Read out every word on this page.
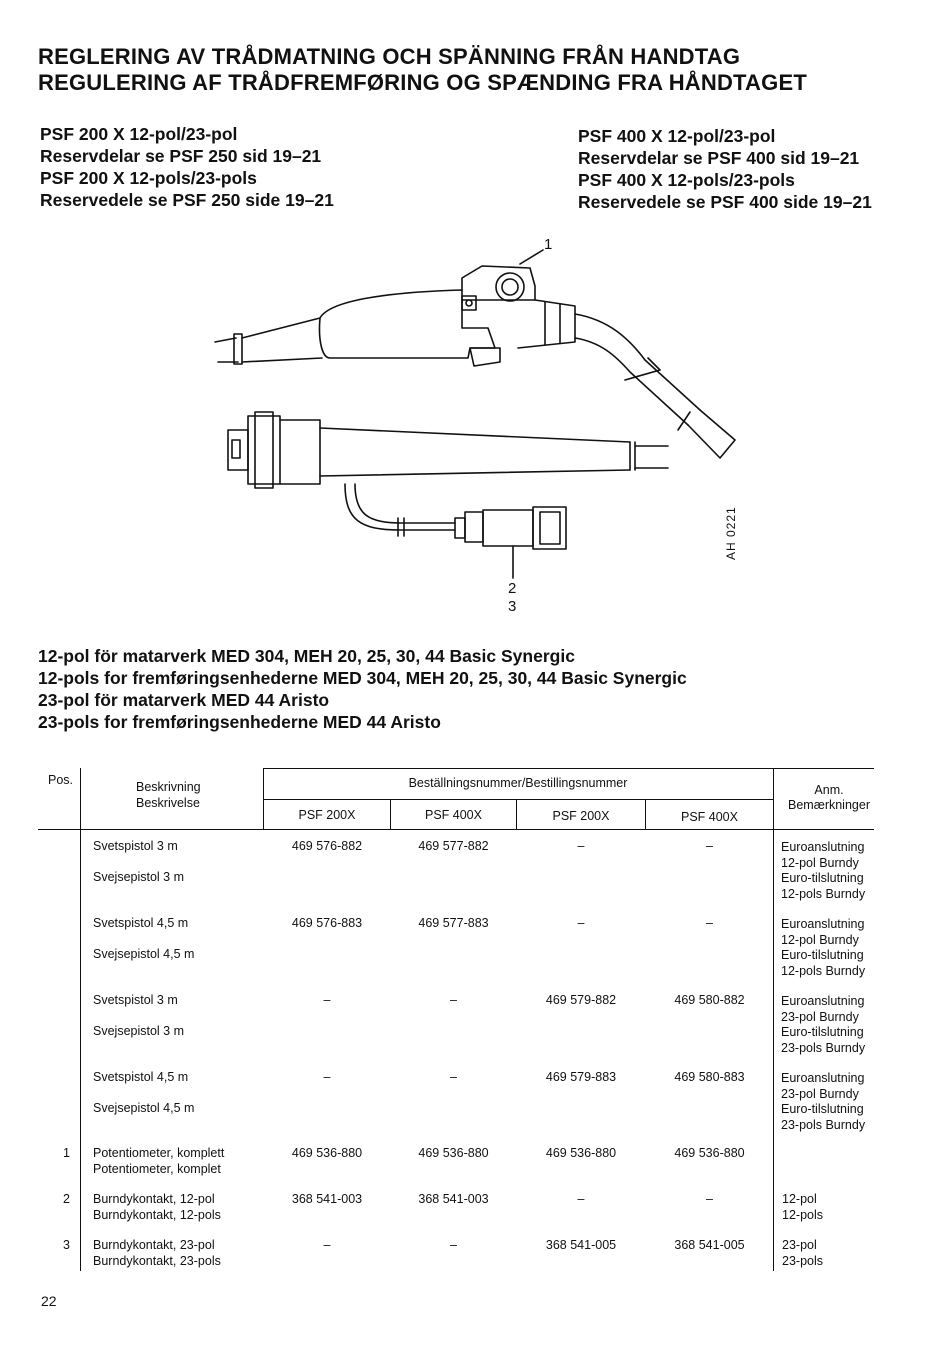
REGLERING AV TRÅDMATNING OCH SPÄNNING FRÅN HANDTAG
REGULERING AF TRÅDFREMFØRING OG SPÆNDING FRA HÅNDTAGET
PSF 200 X 12-pol/23-pol
Reservdelar se PSF 250 sid 19–21
PSF 200 X 12-pols/23-pols
Reservedele se PSF 250 side 19–21
PSF 400 X 12-pol/23-pol
Reservdelar se PSF 400 sid 19–21
PSF 400 X 12-pols/23-pols
Reservedele se PSF 400 side 19–21
1
2
3
AH 0221
12-pol för matarverk MED 304, MEH 20, 25, 30, 44 Basic Synergic
12-pols for fremføringsenhederne MED 304, MEH 20, 25, 30, 44 Basic Synergic
23-pol för matarverk MED 44 Aristo
23-pols for fremføringsenhederne MED 44 Aristo
Pos.	Beskrivning
Beskrivelse
Beställningsnummer/Bestillingsnummer
PSF 200X	PSF 400X	PSF 200X	PSF 400X
Anm.
Bemærkninger
Svetspistol 3 m
Svejsepistol 3 m
469 576-882	469 577-882	–	–	Euroanslutning
12-pol Burndy
Euro-tilslutning
12-pols Burndy
Svetspistol 4,5 m
Svejsepistol 4,5 m
469 576-883	469 577-883	–	–	Euroanslutning
12-pol Burndy
Euro-tilslutning
12-pols Burndy
Svetspistol 3 m
Svejsepistol 3 m
–	–	469 579-882	469 580-882	Euroanslutning
23-pol Burndy
Euro-tilslutning
23-pols Burndy
Svetspistol 4,5 m
Svejsepistol 4,5 m
–	–	469 579-883	469 580-883	Euroanslutning
23-pol Burndy
Euro-tilslutning
23-pols Burndy
1 Potentiometer, komplett
Potentiometer, komplet
469 536-880	469 536-880	469 536-880	469 536-880
2 Burndykontakt, 12-pol
Burndykontakt, 12-pols
368 541-003	368 541-003	–	–	12-pol
12-pols
3 Burndykontakt, 23-pol
Burndykontakt, 23-pols
–	–	368 541-005	368 541-005	23-pol
23-pols
22
